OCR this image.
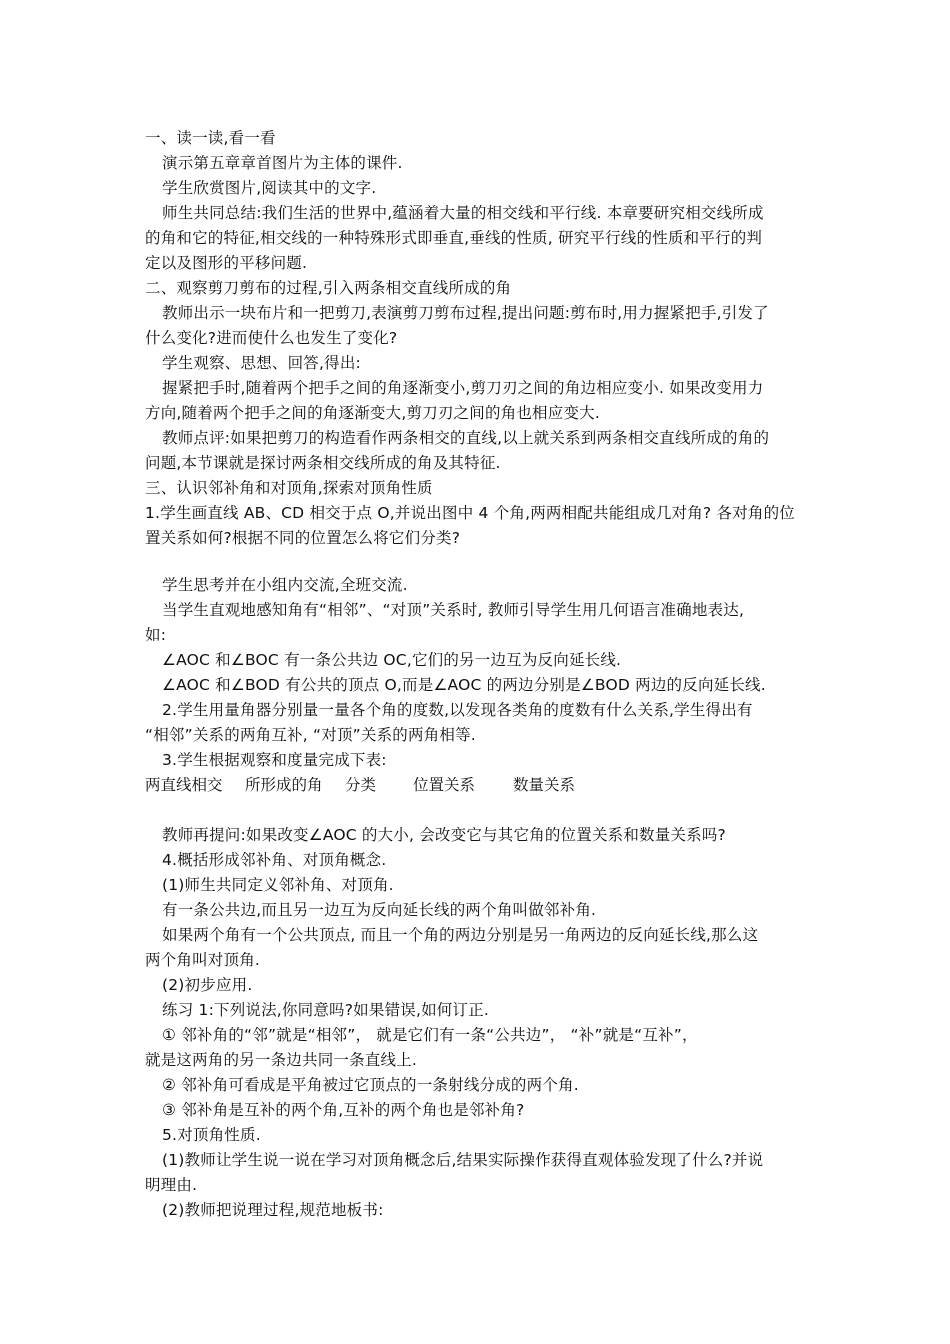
一、读一读,看一看
演示第五章章首图片为主体的课件.
学生欣赏图片,阅读其中的文字.
师生共同总结:我们生活的世界中,蕴涵着大量的相交线和平行线. 本章要研究相交线所成
的角和它的特征,相交线的一种特殊形式即垂直,垂线的性质, 研究平行线的性质和平行的判
定以及图形的平移问题.
二、观察剪刀剪布的过程,引入两条相交直线所成的角
教师出示一块布片和一把剪刀,表演剪刀剪布过程,提出问题:剪布时,用力握紧把手,引发了
什么变化?进而使什么也发生了变化?
学生观察、思想、回答,得出:
握紧把手时,随着两个把手之间的角逐渐变小,剪刀刃之间的角边相应变小. 如果改变用力
方向,随着两个把手之间的角逐渐变大,剪刀刃之间的角也相应变大.
教师点评:如果把剪刀的构造看作两条相交的直线,以上就关系到两条相交直线所成的角的
问题,本节课就是探讨两条相交线所成的角及其特征.
三、认识邻补角和对顶角,探索对顶角性质
1.学生画直线 AB、CD 相交于点 O,并说出图中 4 个角,两两相配共能组成几对角? 各对角的位
置关系如何?根据不同的位置怎么将它们分类?
学生思考并在小组内交流,全班交流.
当学生直观地感知角有“相邻”、“对顶”关系时, 教师引导学生用几何语言准确地表达,
如:
∠AOC 和∠BOC 有一条公共边 OC,它们的另一边互为反向延长线.
∠AOC 和∠BOD 有公共的顶点 O,而是∠AOC 的两边分别是∠BOD 两边的反向延长线.
2.学生用量角器分别量一量各个角的度数,以发现各类角的度数有什么关系,学生得出有
“相邻”关系的两角互补, “对顶”关系的两角相等.
3.学生根据观察和度量完成下表:
两直线相交 所形成的角 分类 位置关系 数量关系
教师再提问:如果改变∠AOC 的大小, 会改变它与其它角的位置关系和数量关系吗?
4.概括形成邻补角、对顶角概念.
(1)师生共同定义邻补角、对顶角.
有一条公共边,而且另一边互为反向延长线的两个角叫做邻补角.
如果两个角有一个公共顶点, 而且一个角的两边分别是另一角两边的反向延长线,那么这
两个角叫对顶角.
(2)初步应用.
练习 1:下列说法,你同意吗?如果错误,如何订正.
① 邻补角的“邻”就是“相邻”， 就是它们有一条“公共边”， “补”就是“互补”，
就是这两角的另一条边共同一条直线上.
② 邻补角可看成是平角被过它顶点的一条射线分成的两个角.
③ 邻补角是互补的两个角,互补的两个角也是邻补角?
5.对顶角性质.
(1)教师让学生说一说在学习对顶角概念后,结果实际操作获得直观体验发现了什么?并说
明理由.
(2)教师把说理过程,规范地板书:
